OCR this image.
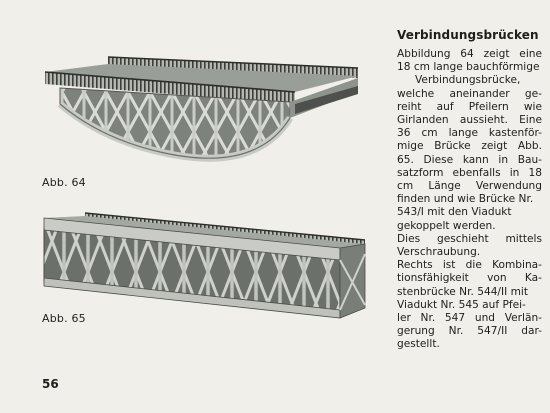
Abb. 64
Abb. 65
Verbindungsbrücken

Abbildung 64 zeigt eine
18 cm lange bauchförmige
Verbindungsbrücke,
welche aneinander ge-
reiht auf Pfeilern wie
Girlanden aussieht. Eine
36 cm lange kastenför-
mige Brücke zeigt Abb.
65. Diese kann in Bau-
satzform ebenfalls in 18
cm Länge Verwendung
finden und wie Brücke Nr.
543/I mit den Viadukt
gekoppelt werden.
Dies geschieht mittels
Verschraubung.
Rechts ist die Kombina-
tionsfähigkeit von Ka-
stenbrücke Nr. 544/II mit
Viadukt Nr. 545 auf Pfei-
ler Nr. 547 und Verlän-
gerung Nr. 547/II dar-
gestellt.

56
